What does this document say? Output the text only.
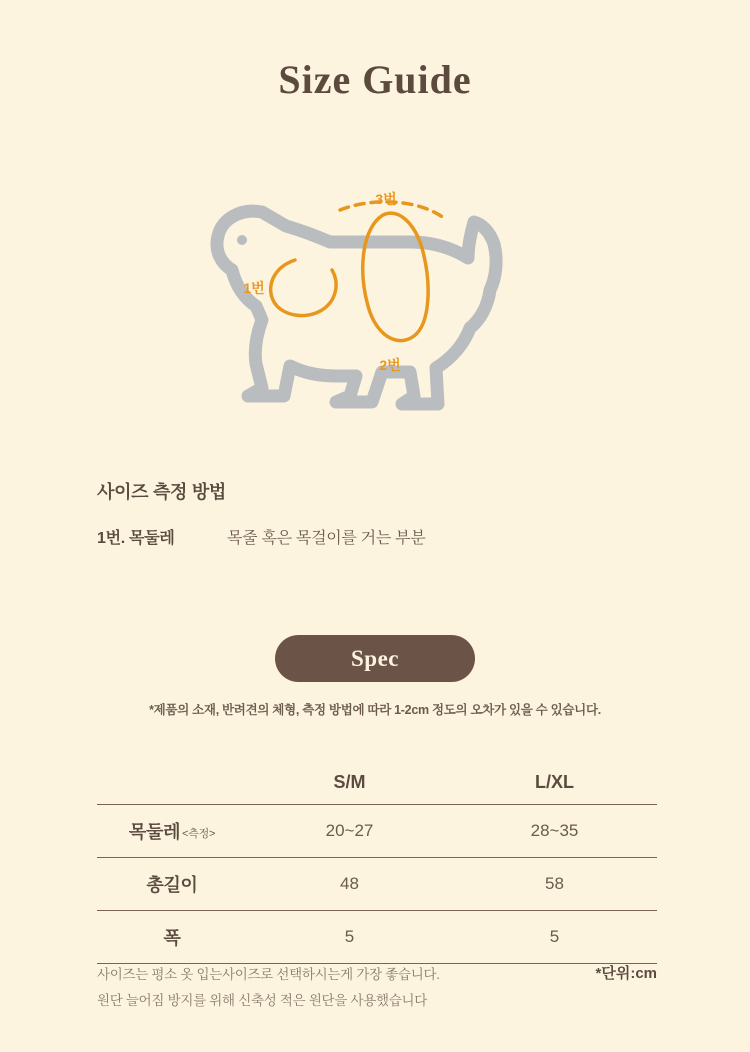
Size Guide
1번
2번
3번
사이즈 측정 방법
1번. 목둘레	목줄 혹은 목걸이를 거는 부분
Spec
*제품의 소재, 반려견의 체형, 측정 방법에 따라 1-2cm 정도의 오차가 있을 수 있습니다.
	S/M	L/XL
목둘레 <측정>	20~27	28~35
총길이	48	58
폭	5	5
*단위:cm
사이즈는 평소 옷 입는사이즈로 선택하시는게 가장 좋습니다.
원단 늘어짐 방지를 위해 신축성 적은 원단을 사용했습니다
